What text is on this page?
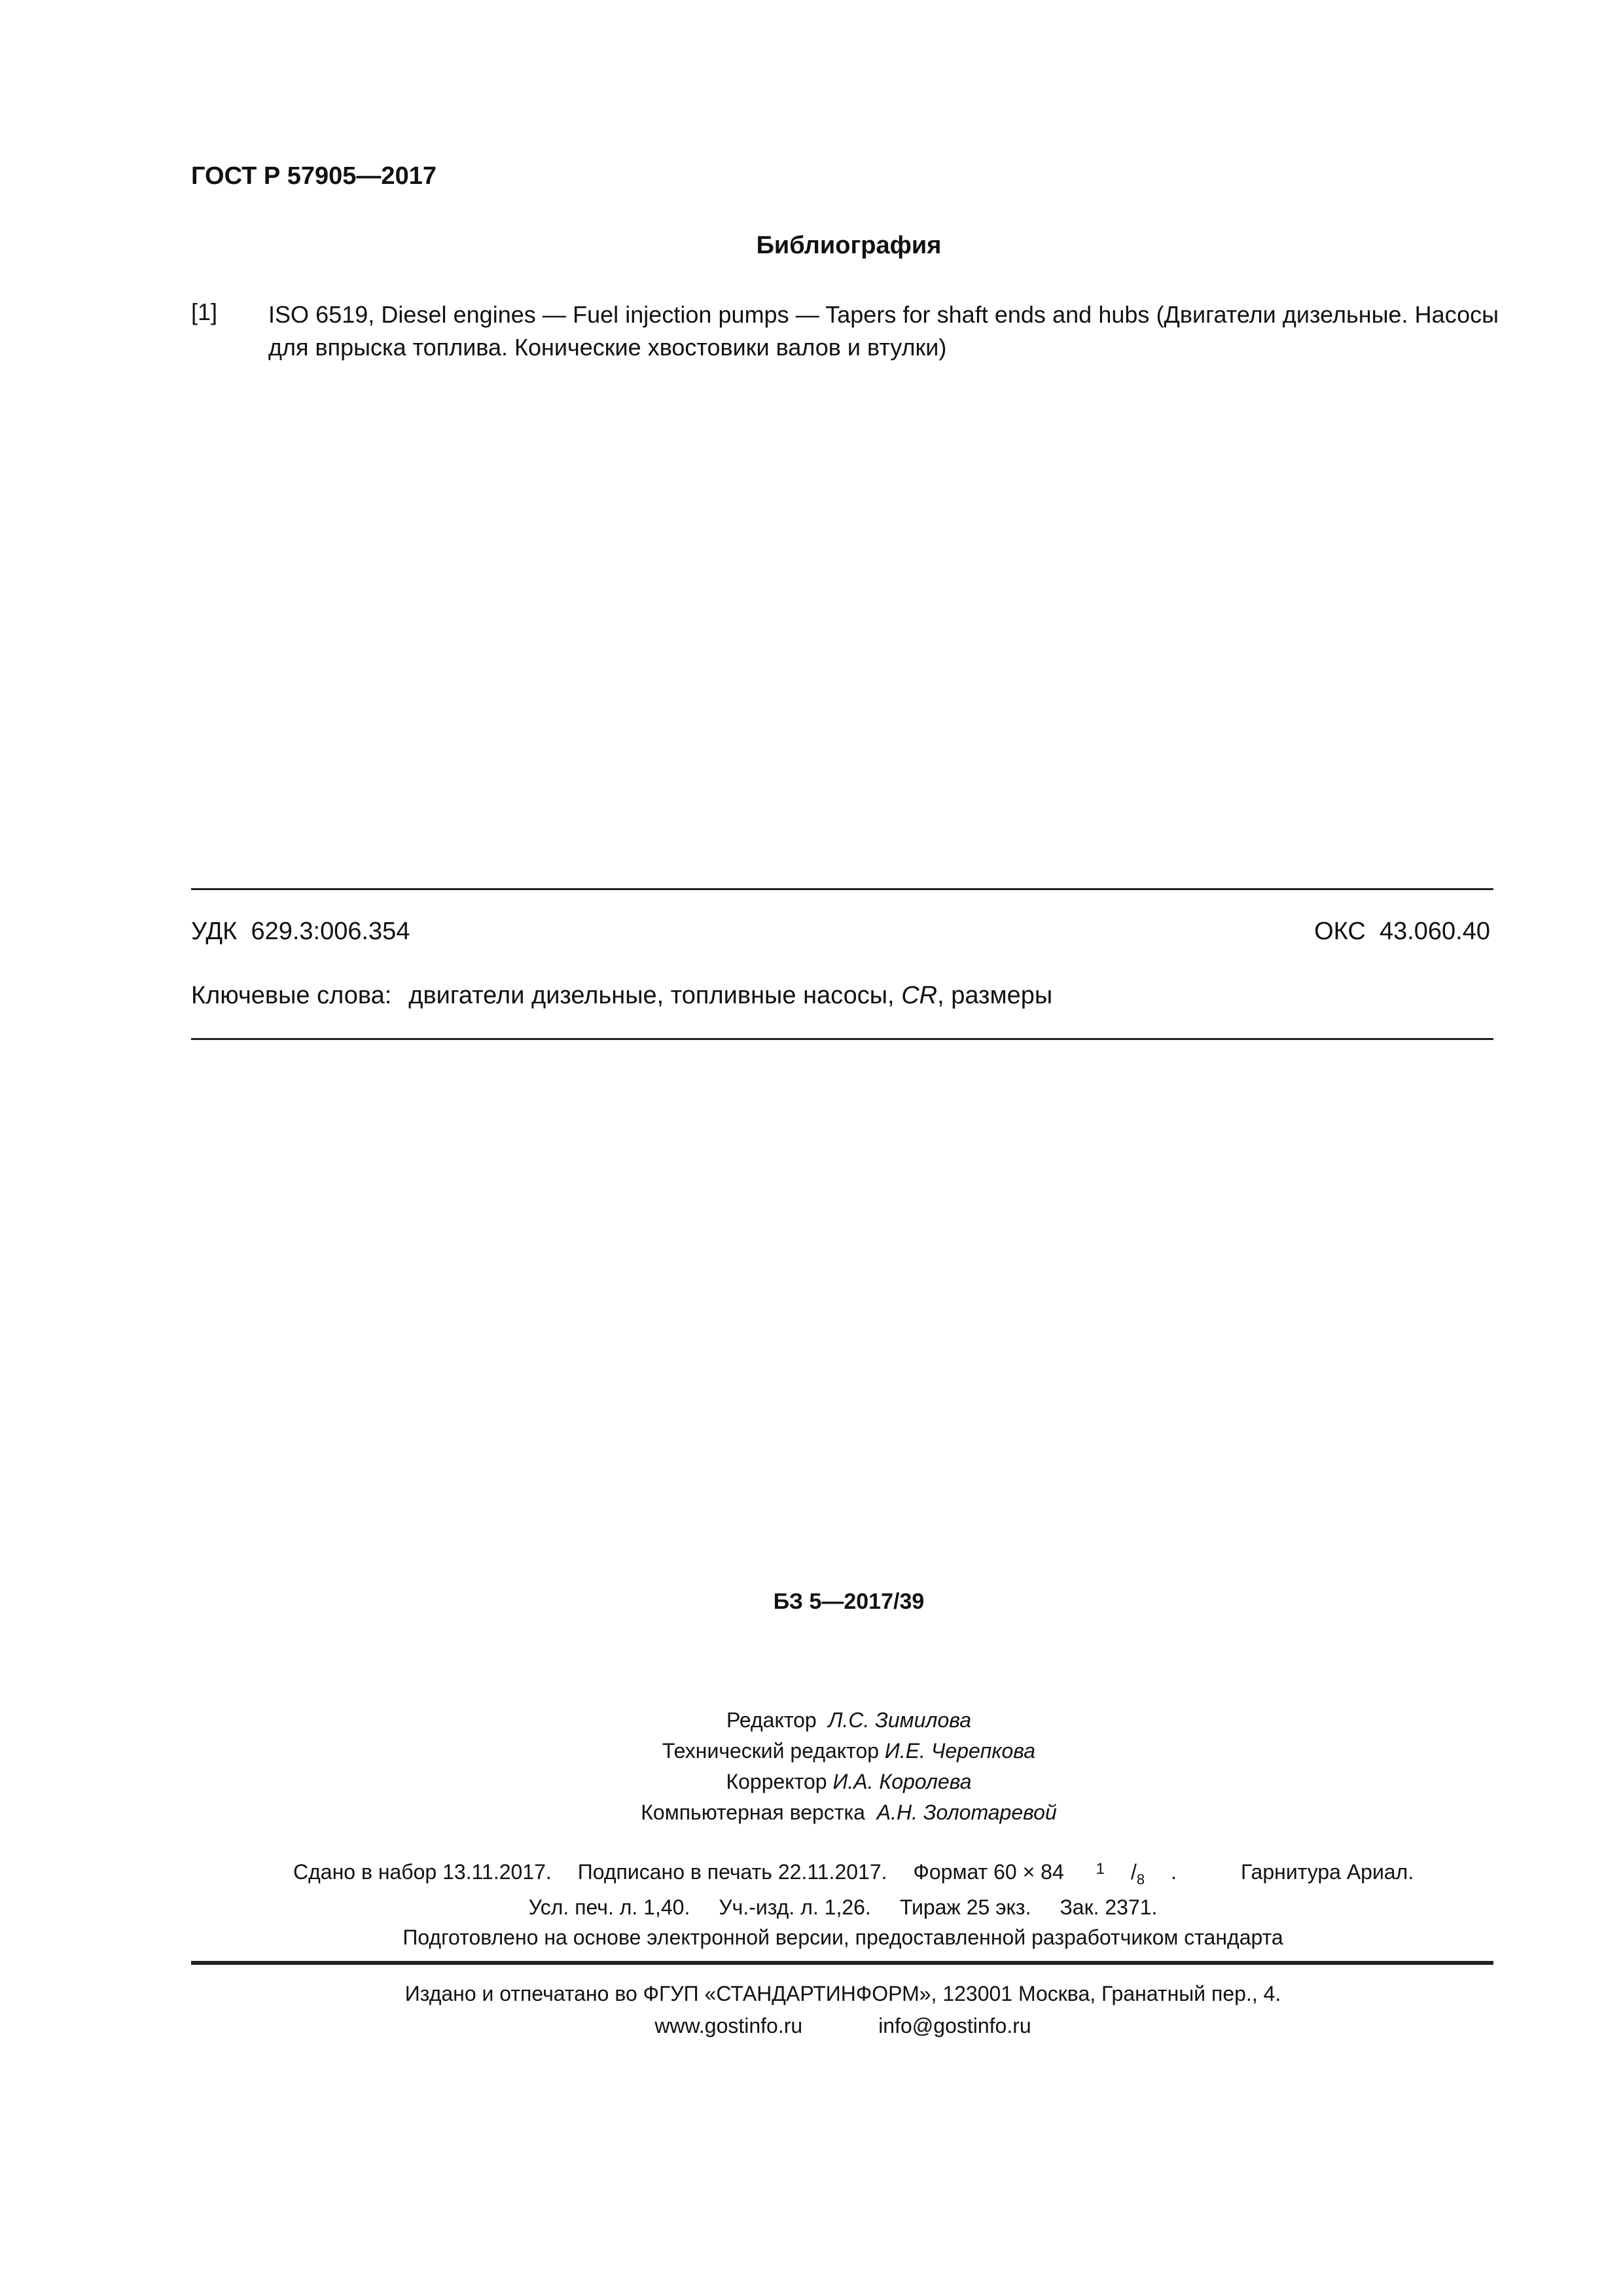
ГОСТ Р 57905—2017
Библиография
[1] ISO 6519, Diesel engines — Fuel injection pumps — Tapers for shaft ends and hubs (Двигатели дизельные. Насосы для впрыска топлива. Конические хвостовики валов и втулки)
УДК 629.3:006.354	ОКС 43.060.40
Ключевые слова: двигатели дизельные, топливные насосы, CR, размеры
БЗ 5—2017/39
Редактор Л.С. Зимилова
Технический редактор И.Е. Черепкова
Корректор И.А. Королева
Компьютерная верстка А.Н. Золотаревой
Сдано в набор 13.11.2017. Подписано в печать 22.11.2017. Формат 60 × 84 $^1$ $/_8$ .	Гарнитура Ариал.
Усл. печ. л. 1,40. Уч.-изд. л. 1,26. Тираж 25 экз. Зак. 2371.
Подготовлено на основе электронной версии, предоставленной разработчиком стандарта
Издано и отпечатано во ФГУП «СТАНДАРТИНФОРМ», 123001 Москва, Гранатный пер., 4.
www.gostinfo.ru	info@gostinfo.ru
